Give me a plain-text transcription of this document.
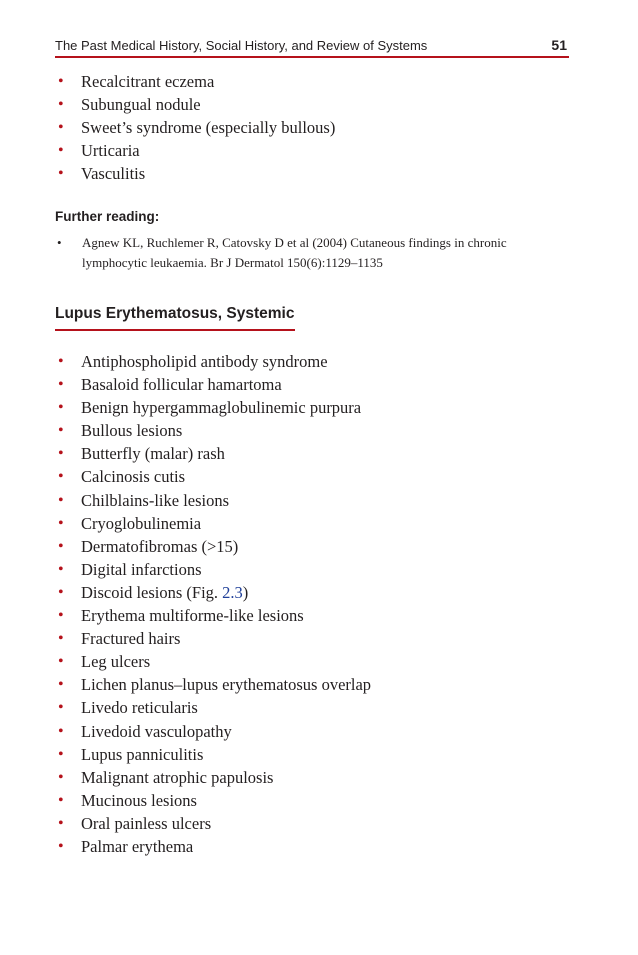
The Past Medical History, Social History, and Review of Systems	51
• Recalcitrant eczema
• Subungual nodule
• Sweet’s syndrome (especially bullous)
• Urticaria
• Vasculitis
Further reading:
• Agnew KL, Ruchlemer R, Catovsky D et al (2004) Cutaneous findings in chronic
lymphocytic leukaemia. Br J Dermatol 150(6):1129–1135
Lupus Erythematosus, Systemic
• Antiphospholipid antibody syndrome
• Basaloid follicular hamartoma
• Benign hypergammaglobulinemic purpura
• Bullous lesions
• Butterfly (malar) rash
• Calcinosis cutis
• Chilblains-like lesions
• Cryoglobulinemia
• Dermatofibromas (>15)
• Digital infarctions
• Discoid lesions (Fig. 2.3)
• Erythema multiforme-like lesions
• Fractured hairs
• Leg ulcers
• Lichen planus–lupus erythematosus overlap
• Livedo reticularis
• Livedoid vasculopathy
• Lupus panniculitis
• Malignant atrophic papulosis
• Mucinous lesions
• Oral painless ulcers
• Palmar erythema
